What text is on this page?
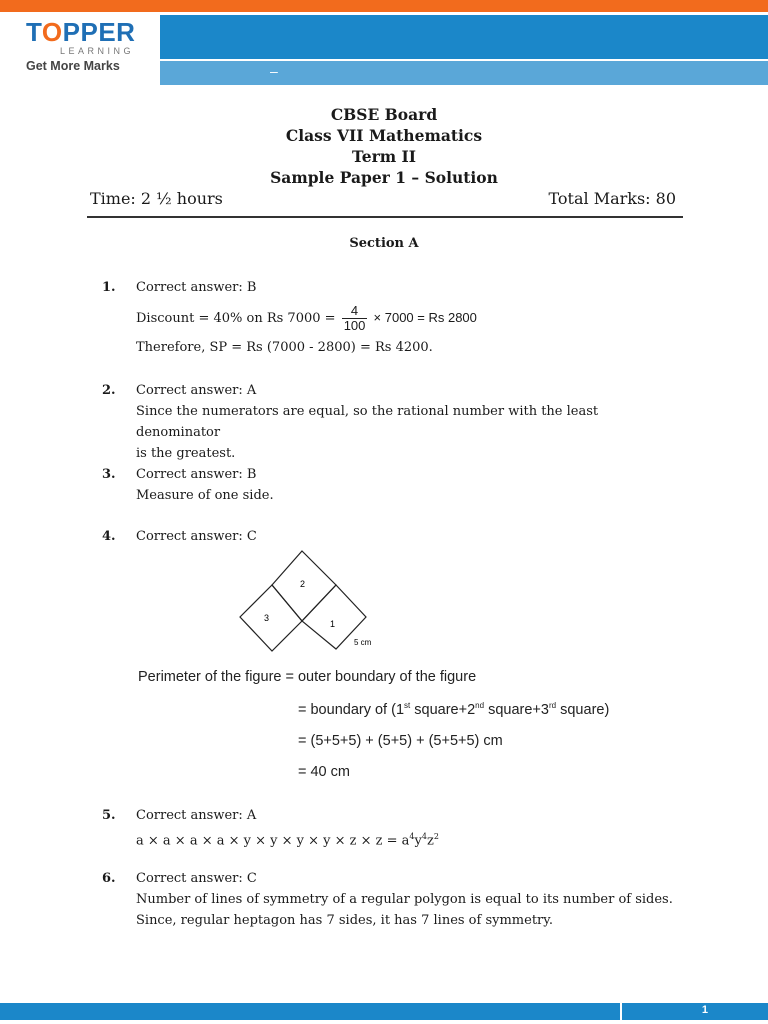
TOPPER
LEARNING
Get More Marks	–
CBSE Board
Class VII Mathematics
Term II
Sample Paper 1 – Solution
Time: 2 ½ hours	Total Marks: 80
Section A
1. Correct answer: B
Discount = 40% on Rs $7000 = \frac{4}{100} \times 7000 = Rs$ 2800
Therefore, SP = Rs (7000 - 2800) = Rs 4200.
2. Correct answer: A
Since the numerators are equal, so the rational number with the least denominator
is the greatest.
3. Correct answer: B
Measure of one side.
4. Correct answer: C
2
3
1
5 cm
Perimeter of the figure = outer boundary of the figure
= boundary of (1st square+2nd square+3rd square)
= (5+5+5) + (5+5) + (5+5+5) cm
= 40 cm
5. Correct answer: A
$a \times a \times a \times a \times y \times y \times y \times y \times z \times z = a^4y^4z^2$
6. Correct answer: C
Number of lines of symmetry of a regular polygon is equal to its number of sides.
Since, regular heptagon has 7 sides, it has 7 lines of symmetry.
1
